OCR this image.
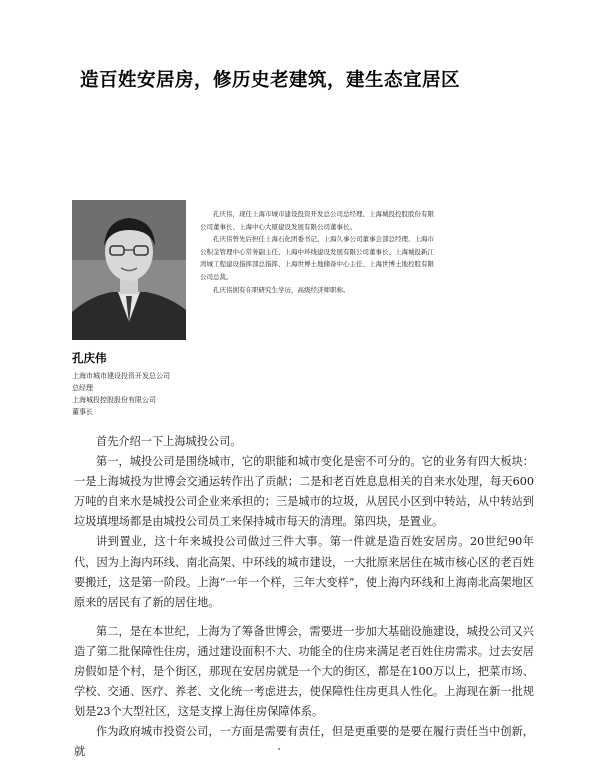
造百姓安居房，修历史老建筑，建生态宜居区

孔庆伟，现任上海市城市建设投资开发总公司总经理、上海城投控股股份有限公司董事长、上海中心大厦建设发展有限公司董事长。

孔庆伟曾先后担任上海石化团委书记、上海久事公司董事会部总经理、上海市公积金管理中心常务副主任、上海中环线建设发展有限公司董事长、上海城投新江湾城工程建设指挥部总指挥、上海世博土地储备中心主任、上海世博土地控股有限公司总裁。

孔庆伟拥有在职研究生学历，高级经济师职称。

孔庆伟
上海市城市建设投资开发总公司
总经理
上海城投控股股份有限公司
董事长

首先介绍一下上海城投公司。

第一，城投公司是围绕城市，它的职能和城市变化是密不可分的。它的业务有四大板块：一是上海城投为世博会交通运转作出了贡献；二是和老百姓息息相关的自来水处理，每天600万吨的自来水是城投公司企业来承担的；三是城市的垃圾，从居民小区到中转站，从中转站到垃圾填埋场都是由城投公司员工来保持城市每天的清理。第四块，是置业。

讲到置业，这十年来城投公司做过三件大事。第一件就是造百姓安居房。20世纪90年代，因为上海内环线、南北高架、中环线的城市建设，一大批原来居住在城市核心区的老百姓要搬迁，这是第一阶段。上海“一年一个样，三年大变样”，使上海内环线和上海南北高架地区原来的居民有了新的居住地。

第二，是在本世纪，上海为了筹备世博会，需要进一步加大基础设施建设，城投公司又兴造了第二批保障性住房，通过建设面积不大、功能全的住房来满足老百姓住房需求。过去安居房假如是个村，是个街区，那现在安居房就是一个大的街区，都是在100万以上，把菜市场、学校、交通、医疗、养老、文化统一考虑进去，使保障性住房更具人性化。上海现在新一批规划是23个大型社区，这是支撑上海住房保障体系。

作为政府城市投资公司，一方面是需要有责任，但是更重要的是要在履行责任当中创新，就
